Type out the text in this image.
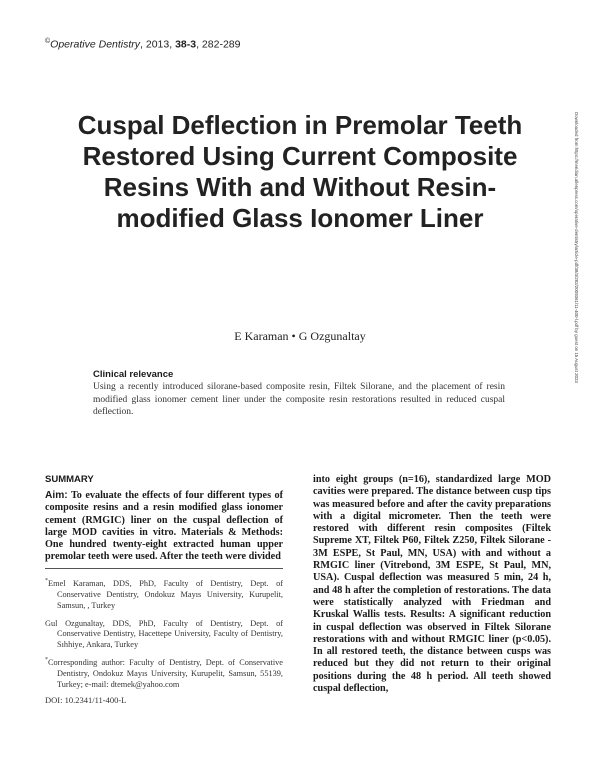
©Operative Dentistry, 2013, 38-3, 282-289
Cuspal Deflection in Premolar Teeth Restored Using Current Composite Resins With and Without Resin-modified Glass Ionomer Liner
E Karaman • G Ozgunaltay
Clinical relevance
Using a recently introduced silorane-based composite resin, Filtek Silorane, and the placement of resin modified glass ionomer cement liner under the composite resin restorations resulted in reduced cuspal deflection.
SUMMARY

Aim: To evaluate the effects of four different types of composite resins and a resin modified glass ionomer cement (RMGIC) liner on the cuspal deflection of large MOD cavities in vitro. Materials & Methods: One hundred twenty-eight extracted human upper premolar teeth were used. After the teeth were divided

*Emel Karaman, DDS, PhD, Faculty of Dentistry, Dept. of Conservative Dentistry, Ondokuz Mayıs University, Kurupelit, Samsun, , Turkey
Gul Ozgunaltay, DDS, PhD, Faculty of Dentistry, Dept. of Conservative Dentistry, Hacettepe University, Faculty of Dentistry, Sıhhiye, Ankara, Turkey
*Corresponding author: Faculty of Dentistry, Dept. of Conservative Dentistry, Ondokuz Mayıs University, Kurupelit, Samsun, 55139, Turkey; e-mail: dtemek@yahoo.com
DOI: 10.2341/11-400-L

into eight groups (n=16), standardized large MOD cavities were prepared. The distance between cusp tips was measured before and after the cavity preparations with a digital micrometer. Then the teeth were restored with different resin composites (Filtek Supreme XT, Filtek P60, Filtek Z250, Filtek Silorane - 3M ESPE, St Paul, MN, USA) with and without a RMGIC liner (Vitrebond, 3M ESPE, St Paul, MN, USA). Cuspal deflection was measured 5 min, 24 h, and 48 h after the completion of restorations. The data were statistically analyzed with Friedman and Kruskal Wallis tests. Results: A significant reduction in cuspal deflection was observed in Filtek Silorane restorations with and without RMGIC liner (p<0.05). In all restored teeth, the distance between cusps was reduced but they did not return to their original positions during the 48 h period. All teeth showed cuspal deflection,

Downloaded from https://meridian.allenpress.com/operative-dentistry/article-pdf/38/3/282/2009361/11-400-l.pdf by guest on 15 August 2023
